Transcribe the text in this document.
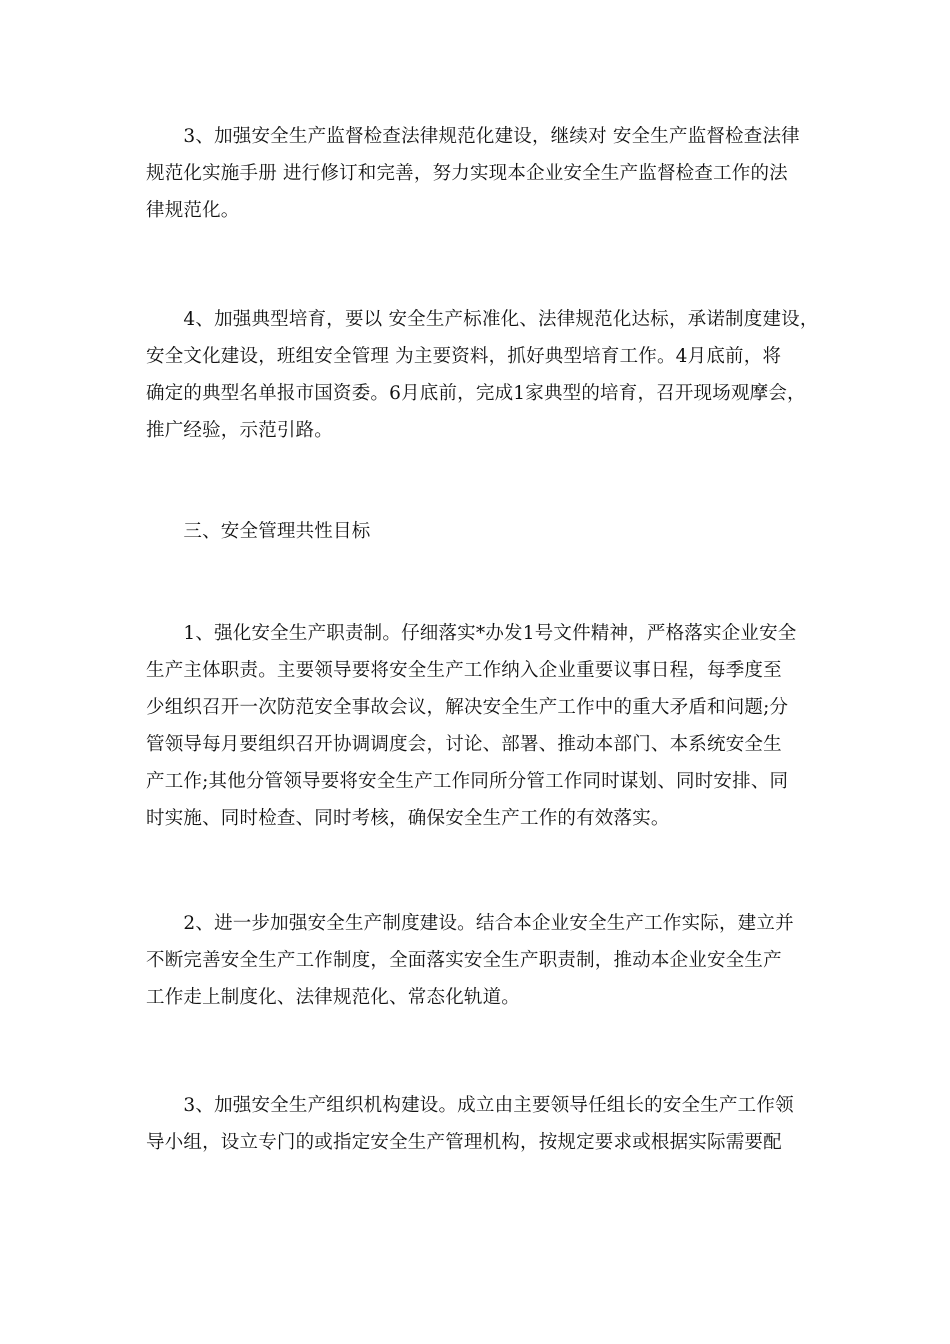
　　3、加强安全生产监督检查法律规范化建设，继续对 安全生产监督检查法律
规范化实施手册 进行修订和完善，努力实现本企业安全生产监督检查工作的法
律规范化。
　　4、加强典型培育，要以 安全生产标准化、法律规范化达标，承诺制度建设，
安全文化建设，班组安全管理 为主要资料，抓好典型培育工作。4月底前，将
确定的典型名单报市国资委。6月底前，完成1家典型的培育，召开现场观摩会，
推广经验，示范引路。
　　三、安全管理共性目标
　　1、强化安全生产职责制。仔细落实*办发1号文件精神，严格落实企业安全
生产主体职责。主要领导要将安全生产工作纳入企业重要议事日程，每季度至
少组织召开一次防范安全事故会议，解决安全生产工作中的重大矛盾和问题;分
管领导每月要组织召开协调调度会，讨论、部署、推动本部门、本系统安全生
产工作;其他分管领导要将安全生产工作同所分管工作同时谋划、同时安排、同
时实施、同时检查、同时考核，确保安全生产工作的有效落实。
　　2、进一步加强安全生产制度建设。结合本企业安全生产工作实际，建立并
不断完善安全生产工作制度，全面落实安全生产职责制，推动本企业安全生产
工作走上制度化、法律规范化、常态化轨道。
　　3、加强安全生产组织机构建设。成立由主要领导任组长的安全生产工作领
导小组，设立专门的或指定安全生产管理机构，按规定要求或根据实际需要配
